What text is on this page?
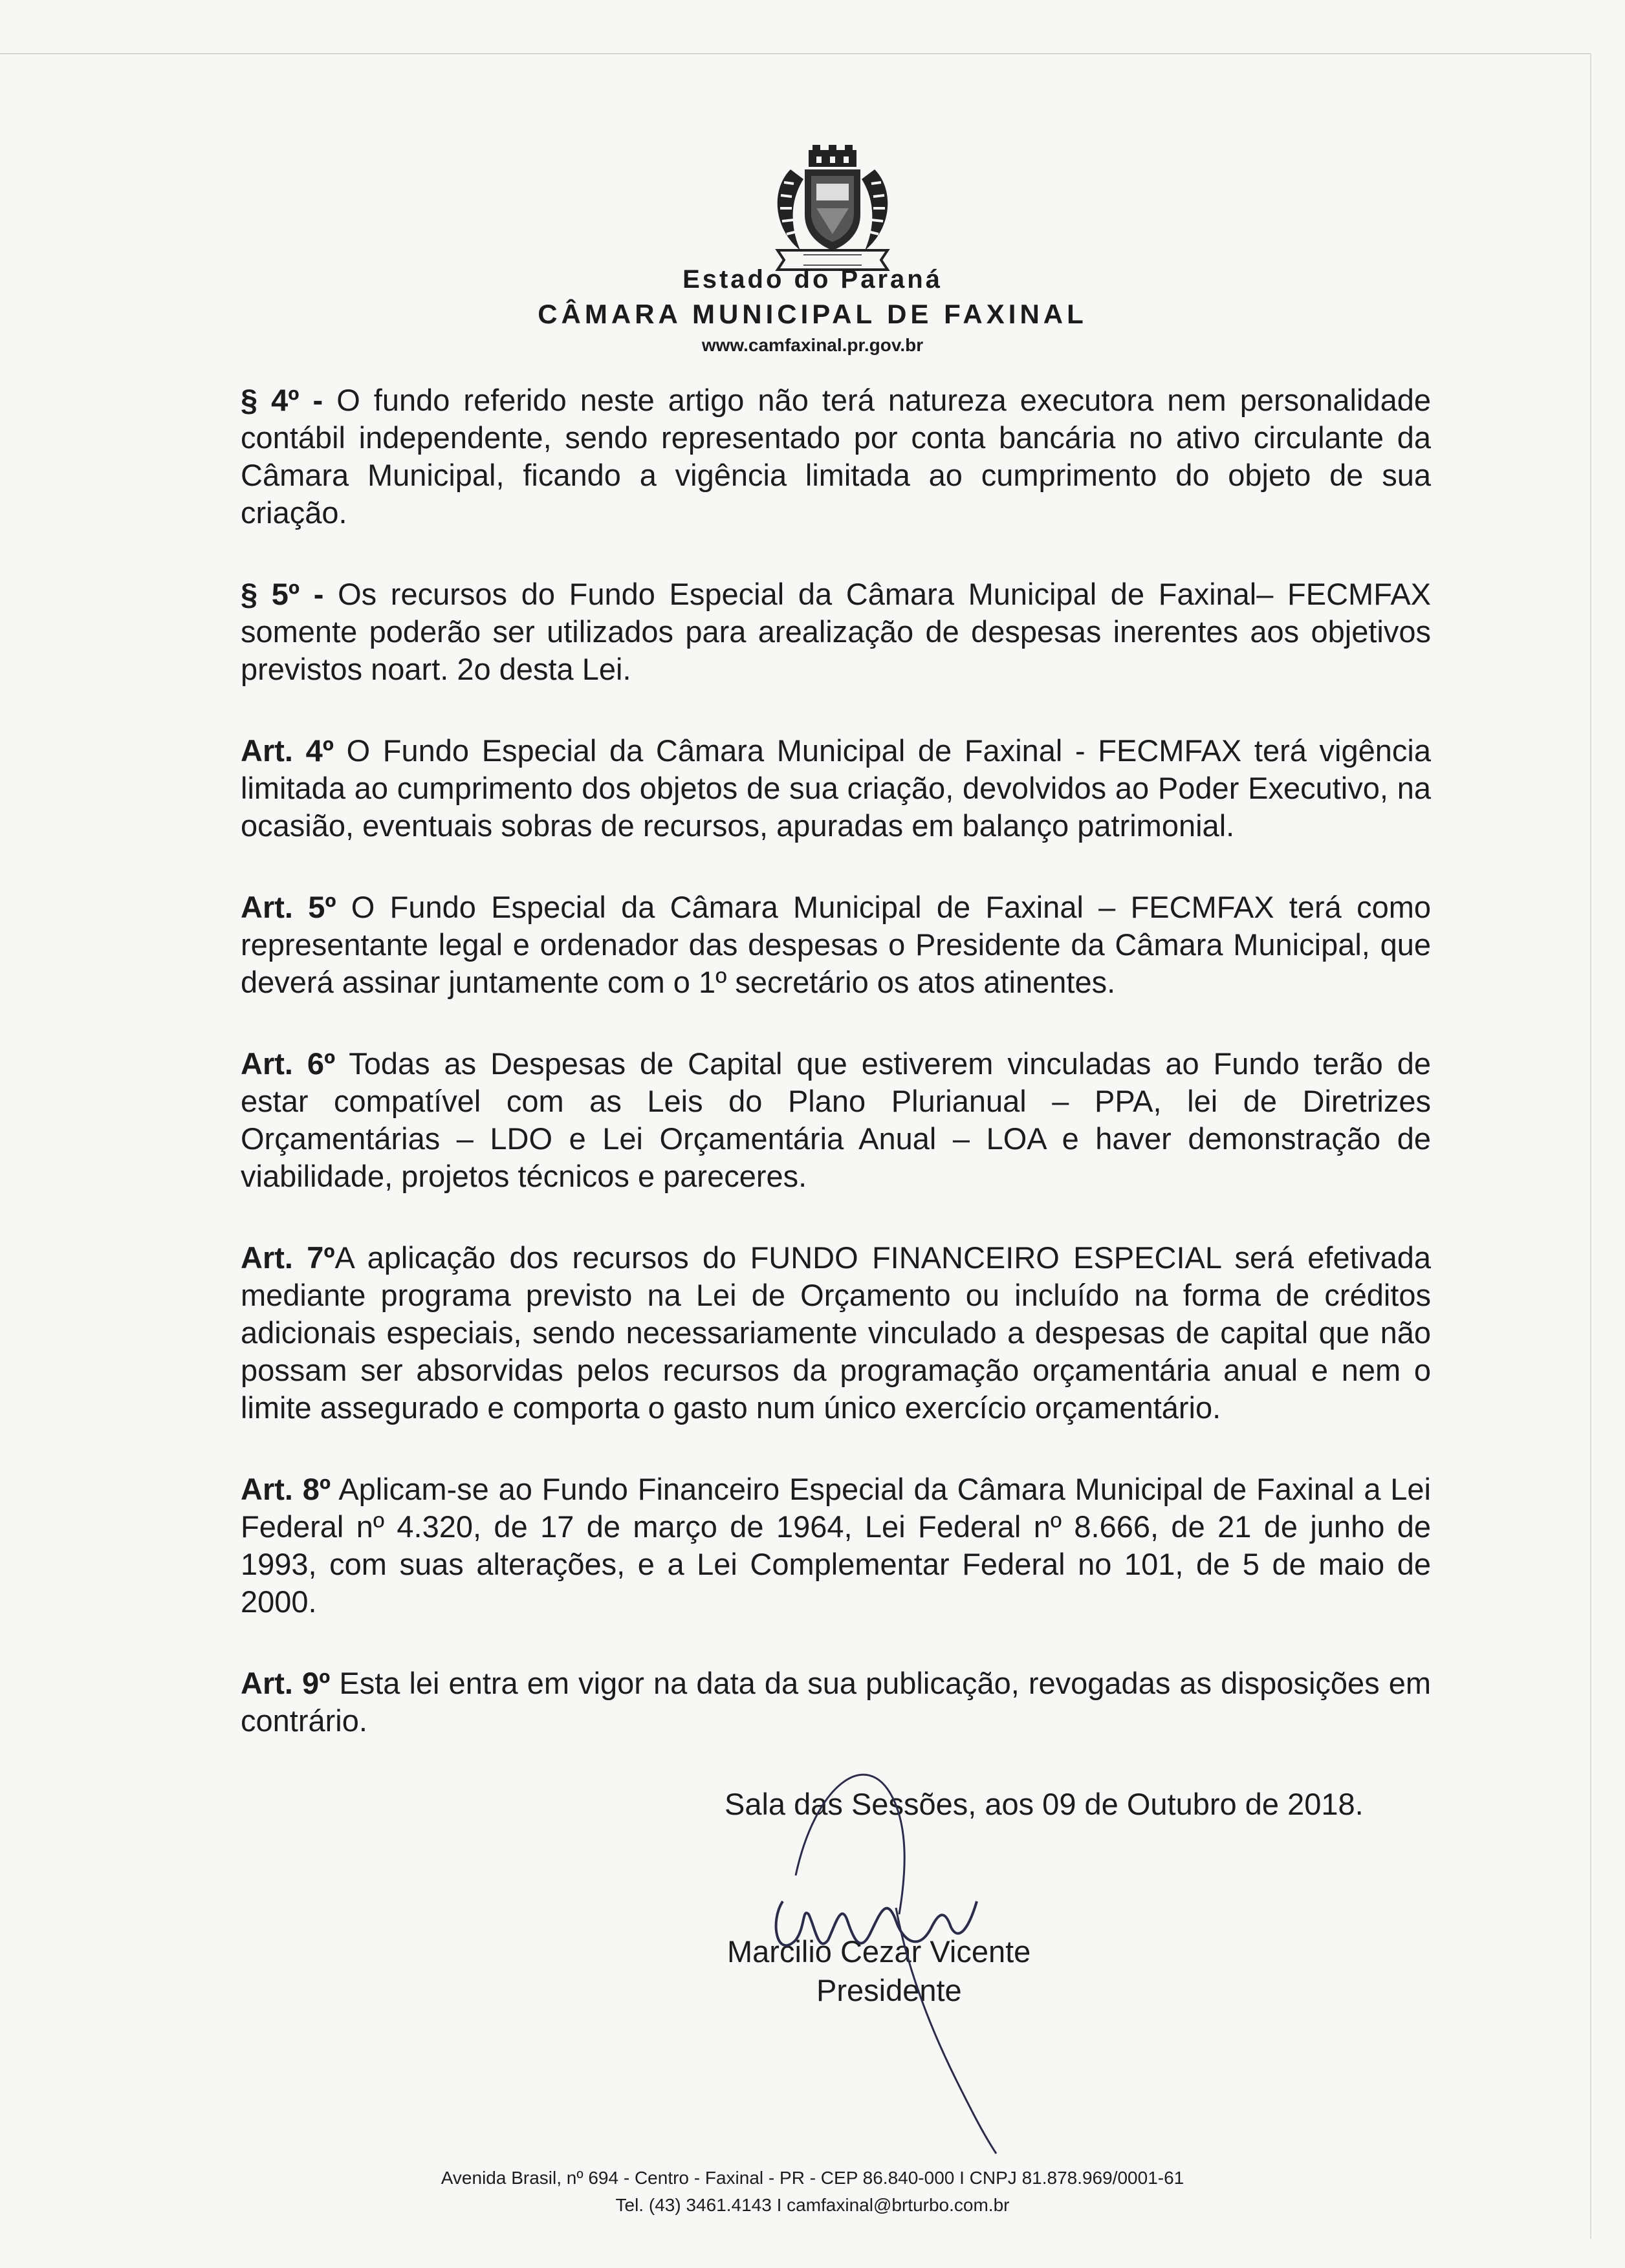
Estado do Paraná
CÂMARA MUNICIPAL DE FAXINAL
www.camfaxinal.pr.gov.br

§ 4º - O fundo referido neste artigo não terá natureza executora nem personalidade contábil independente, sendo representado por conta bancária no ativo circulante da Câmara Municipal, ficando a vigência limitada ao cumprimento do objeto de sua criação.

§ 5º - Os recursos do Fundo Especial da Câmara Municipal de Faxinal– FECMFAX somente poderão ser utilizados para arealização de despesas inerentes aos objetivos previstos noart. 2o desta Lei.

Art. 4º O Fundo Especial da Câmara Municipal de Faxinal - FECMFAX terá vigência limitada ao cumprimento dos objetos de sua criação, devolvidos ao Poder Executivo, na ocasião, eventuais sobras de recursos, apuradas em balanço patrimonial.

Art. 5º O Fundo Especial da Câmara Municipal de Faxinal – FECMFAX terá como representante legal e ordenador das despesas o Presidente da Câmara Municipal, que deverá assinar juntamente com o 1º secretário os atos atinentes.

Art. 6º Todas as Despesas de Capital que estiverem vinculadas ao Fundo terão de estar compatível com as Leis do Plano Plurianual – PPA, lei de Diretrizes Orçamentárias – LDO e Lei Orçamentária Anual – LOA e haver demonstração de viabilidade, projetos técnicos e pareceres.

Art. 7ºA aplicação dos recursos do FUNDO FINANCEIRO ESPECIAL será efetivada mediante programa previsto na Lei de Orçamento ou incluído na forma de créditos adicionais especiais, sendo necessariamente vinculado a despesas de capital que não possam ser absorvidas pelos recursos da programação orçamentária anual e nem o limite assegurado e comporta o gasto num único exercício orçamentário.

Art. 8º Aplicam-se ao Fundo Financeiro Especial da Câmara Municipal de Faxinal a Lei Federal nº 4.320, de 17 de março de 1964, Lei Federal nº 8.666, de 21 de junho de 1993, com suas alterações, e a Lei Complementar Federal no 101, de 5 de maio de 2000.

Art. 9º Esta lei entra em vigor na data da sua publicação, revogadas as disposições em contrário.

Sala das Sessões, aos 09 de Outubro de 2018.
Marcilio Cezar Vicente
Presidente
Avenida Brasil, nº 694 - Centro - Faxinal - PR - CEP 86.840-000 I CNPJ 81.878.969/0001-61
Tel. (43) 3461.4143 I camfaxinal@brturbo.com.br
